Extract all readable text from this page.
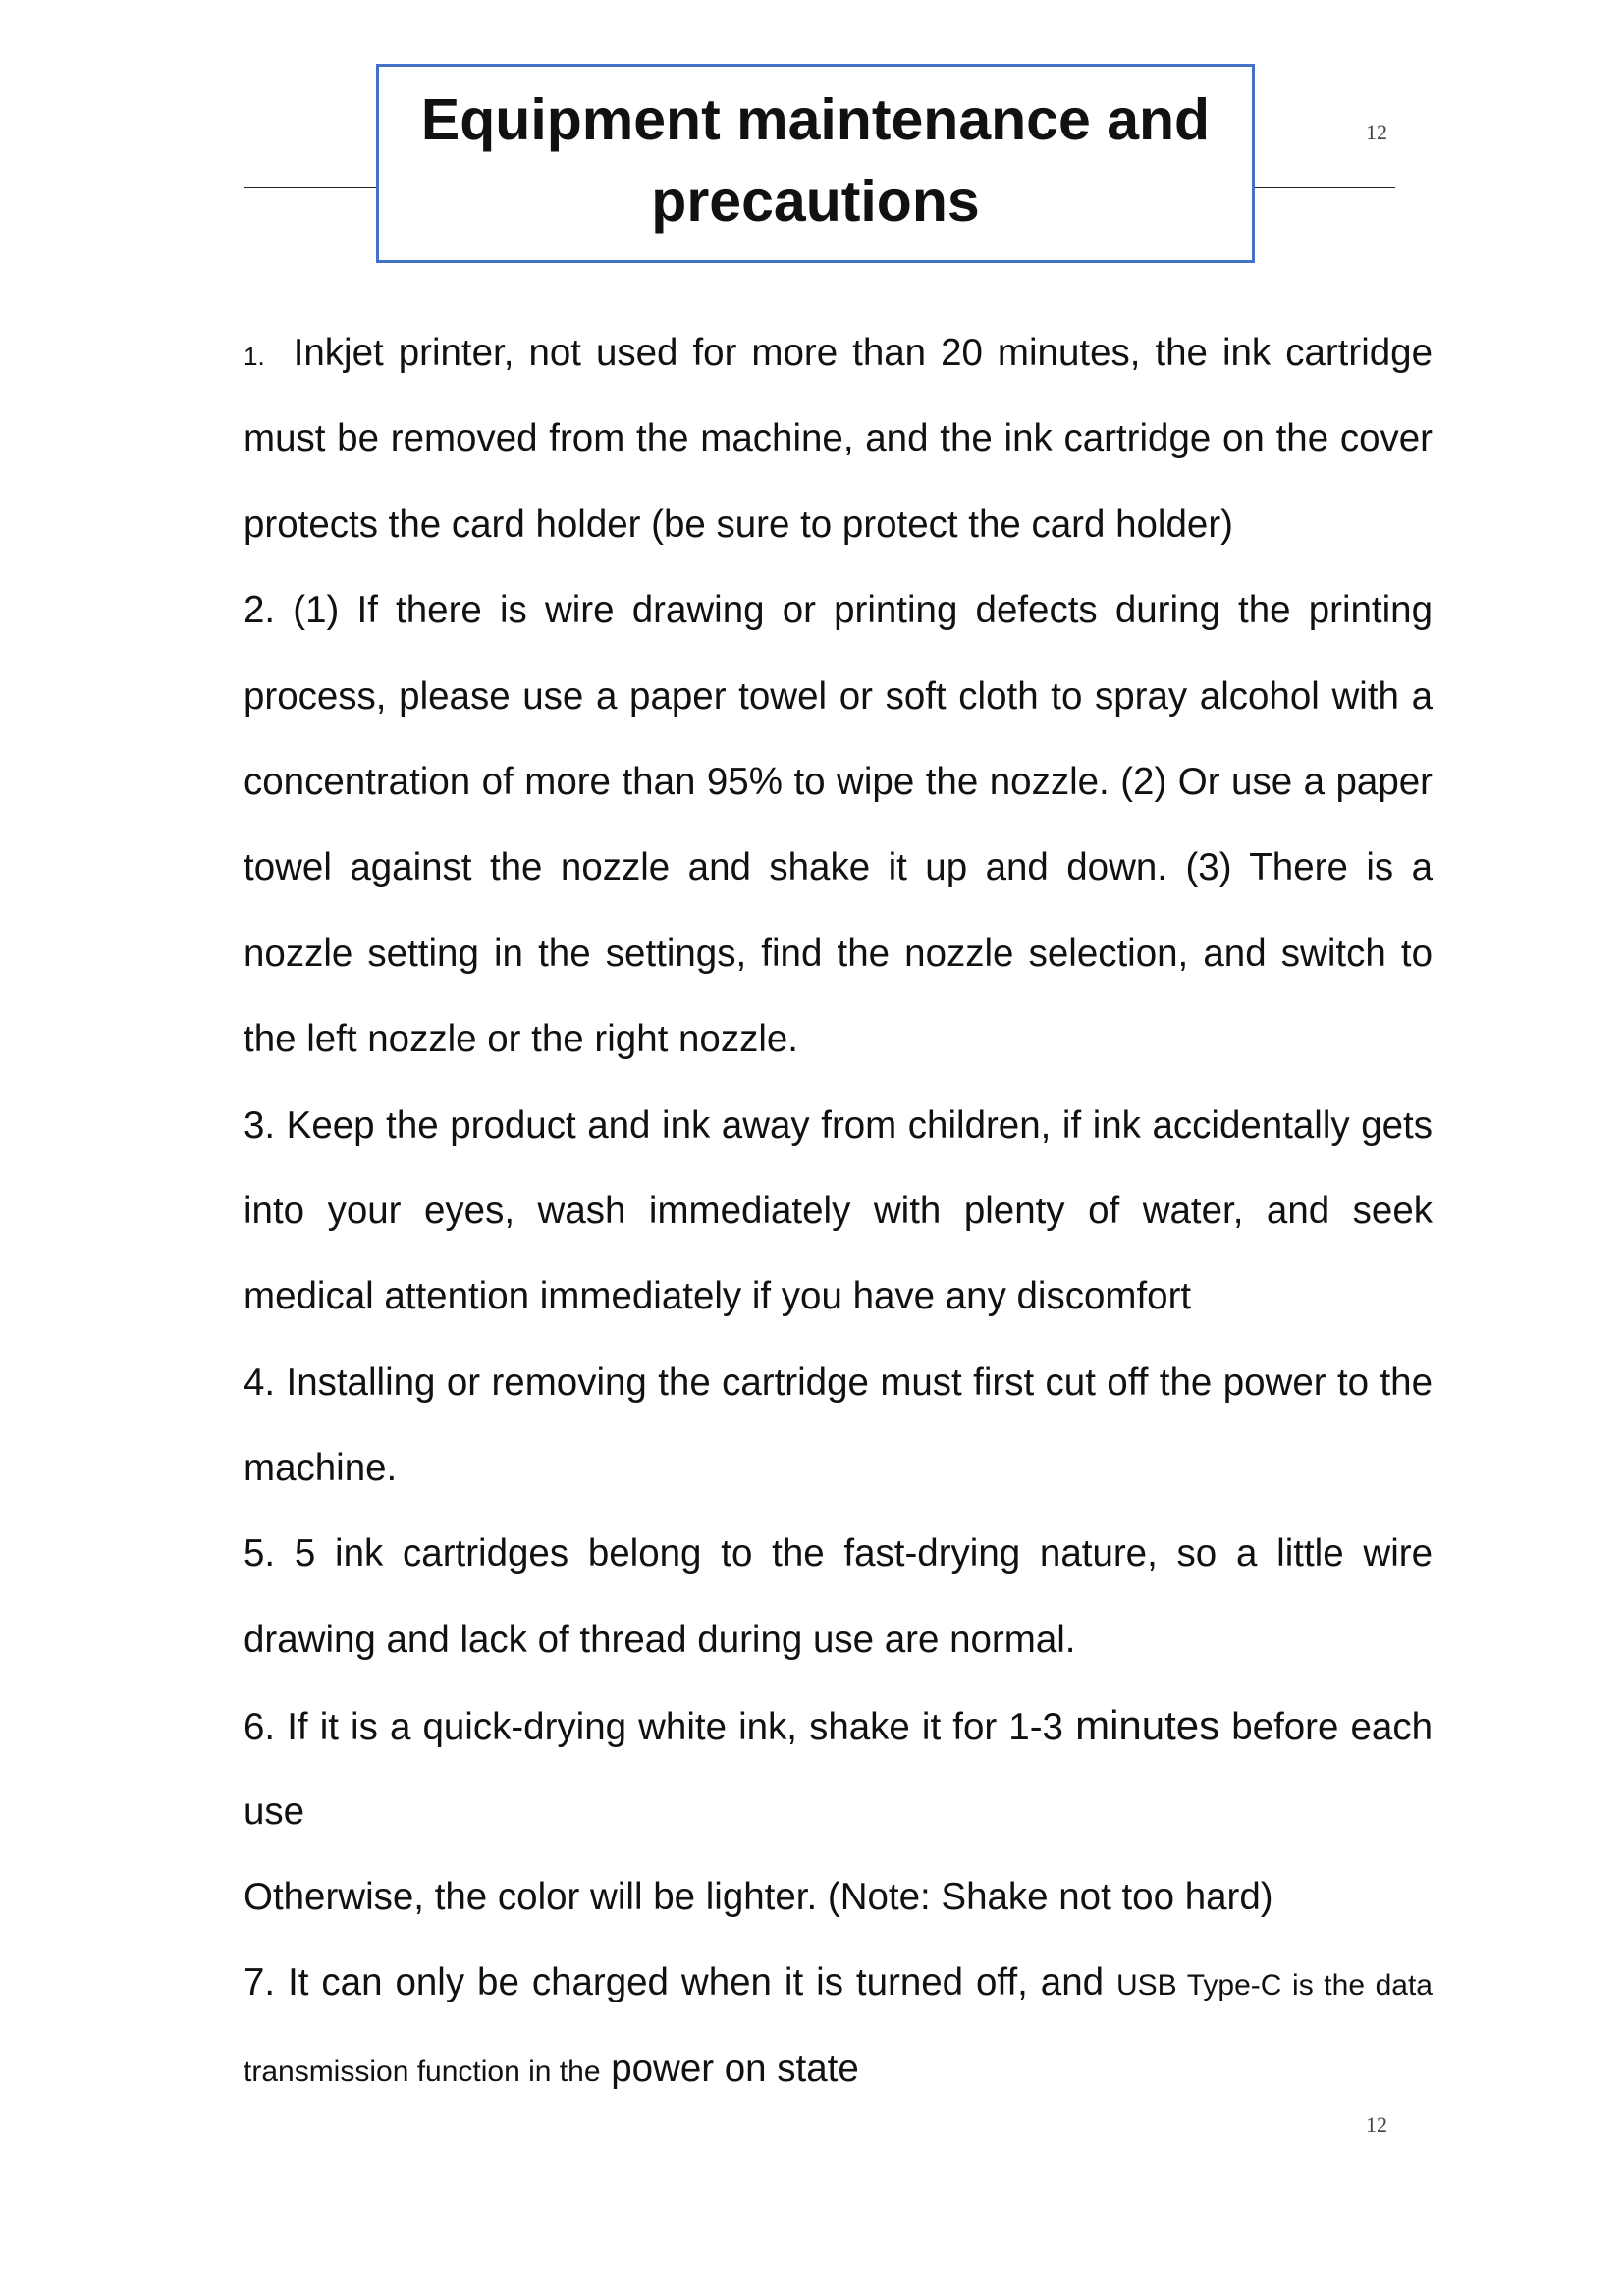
Equipment maintenance and
precautions
12
1. Inkjet printer, not used for more than 20 minutes, the ink cartridge
must be removed from the machine, and the ink cartridge on the cover
protects the card holder (be sure to protect the card holder)
2. (1) If there is wire drawing or printing defects during the printing
process, please use a paper towel or soft cloth to spray alcohol with a
concentration of more than 95% to wipe the nozzle. (2) Or use a paper
towel against the nozzle and shake it up and down. (3) There is a
nozzle setting in the settings, find the nozzle selection, and switch to
the left nozzle or the right nozzle.
3. Keep the product and ink away from children, if ink accidentally gets
into your eyes, wash immediately with plenty of water, and seek
medical attention immediately if you have any discomfort
4. Installing or removing the cartridge must first cut off the power to the
machine.
5. 5 ink cartridges belong to the fast-drying nature, so a little wire
drawing and lack of thread during use are normal.
6. If it is a quick-drying white ink, shake it for 1-3 minutes before each
use
Otherwise, the color will be lighter. (Note: Shake not too hard)
7. It can only be charged when it is turned off, and USB Type-C is the data
transmission function in the power on state
12
